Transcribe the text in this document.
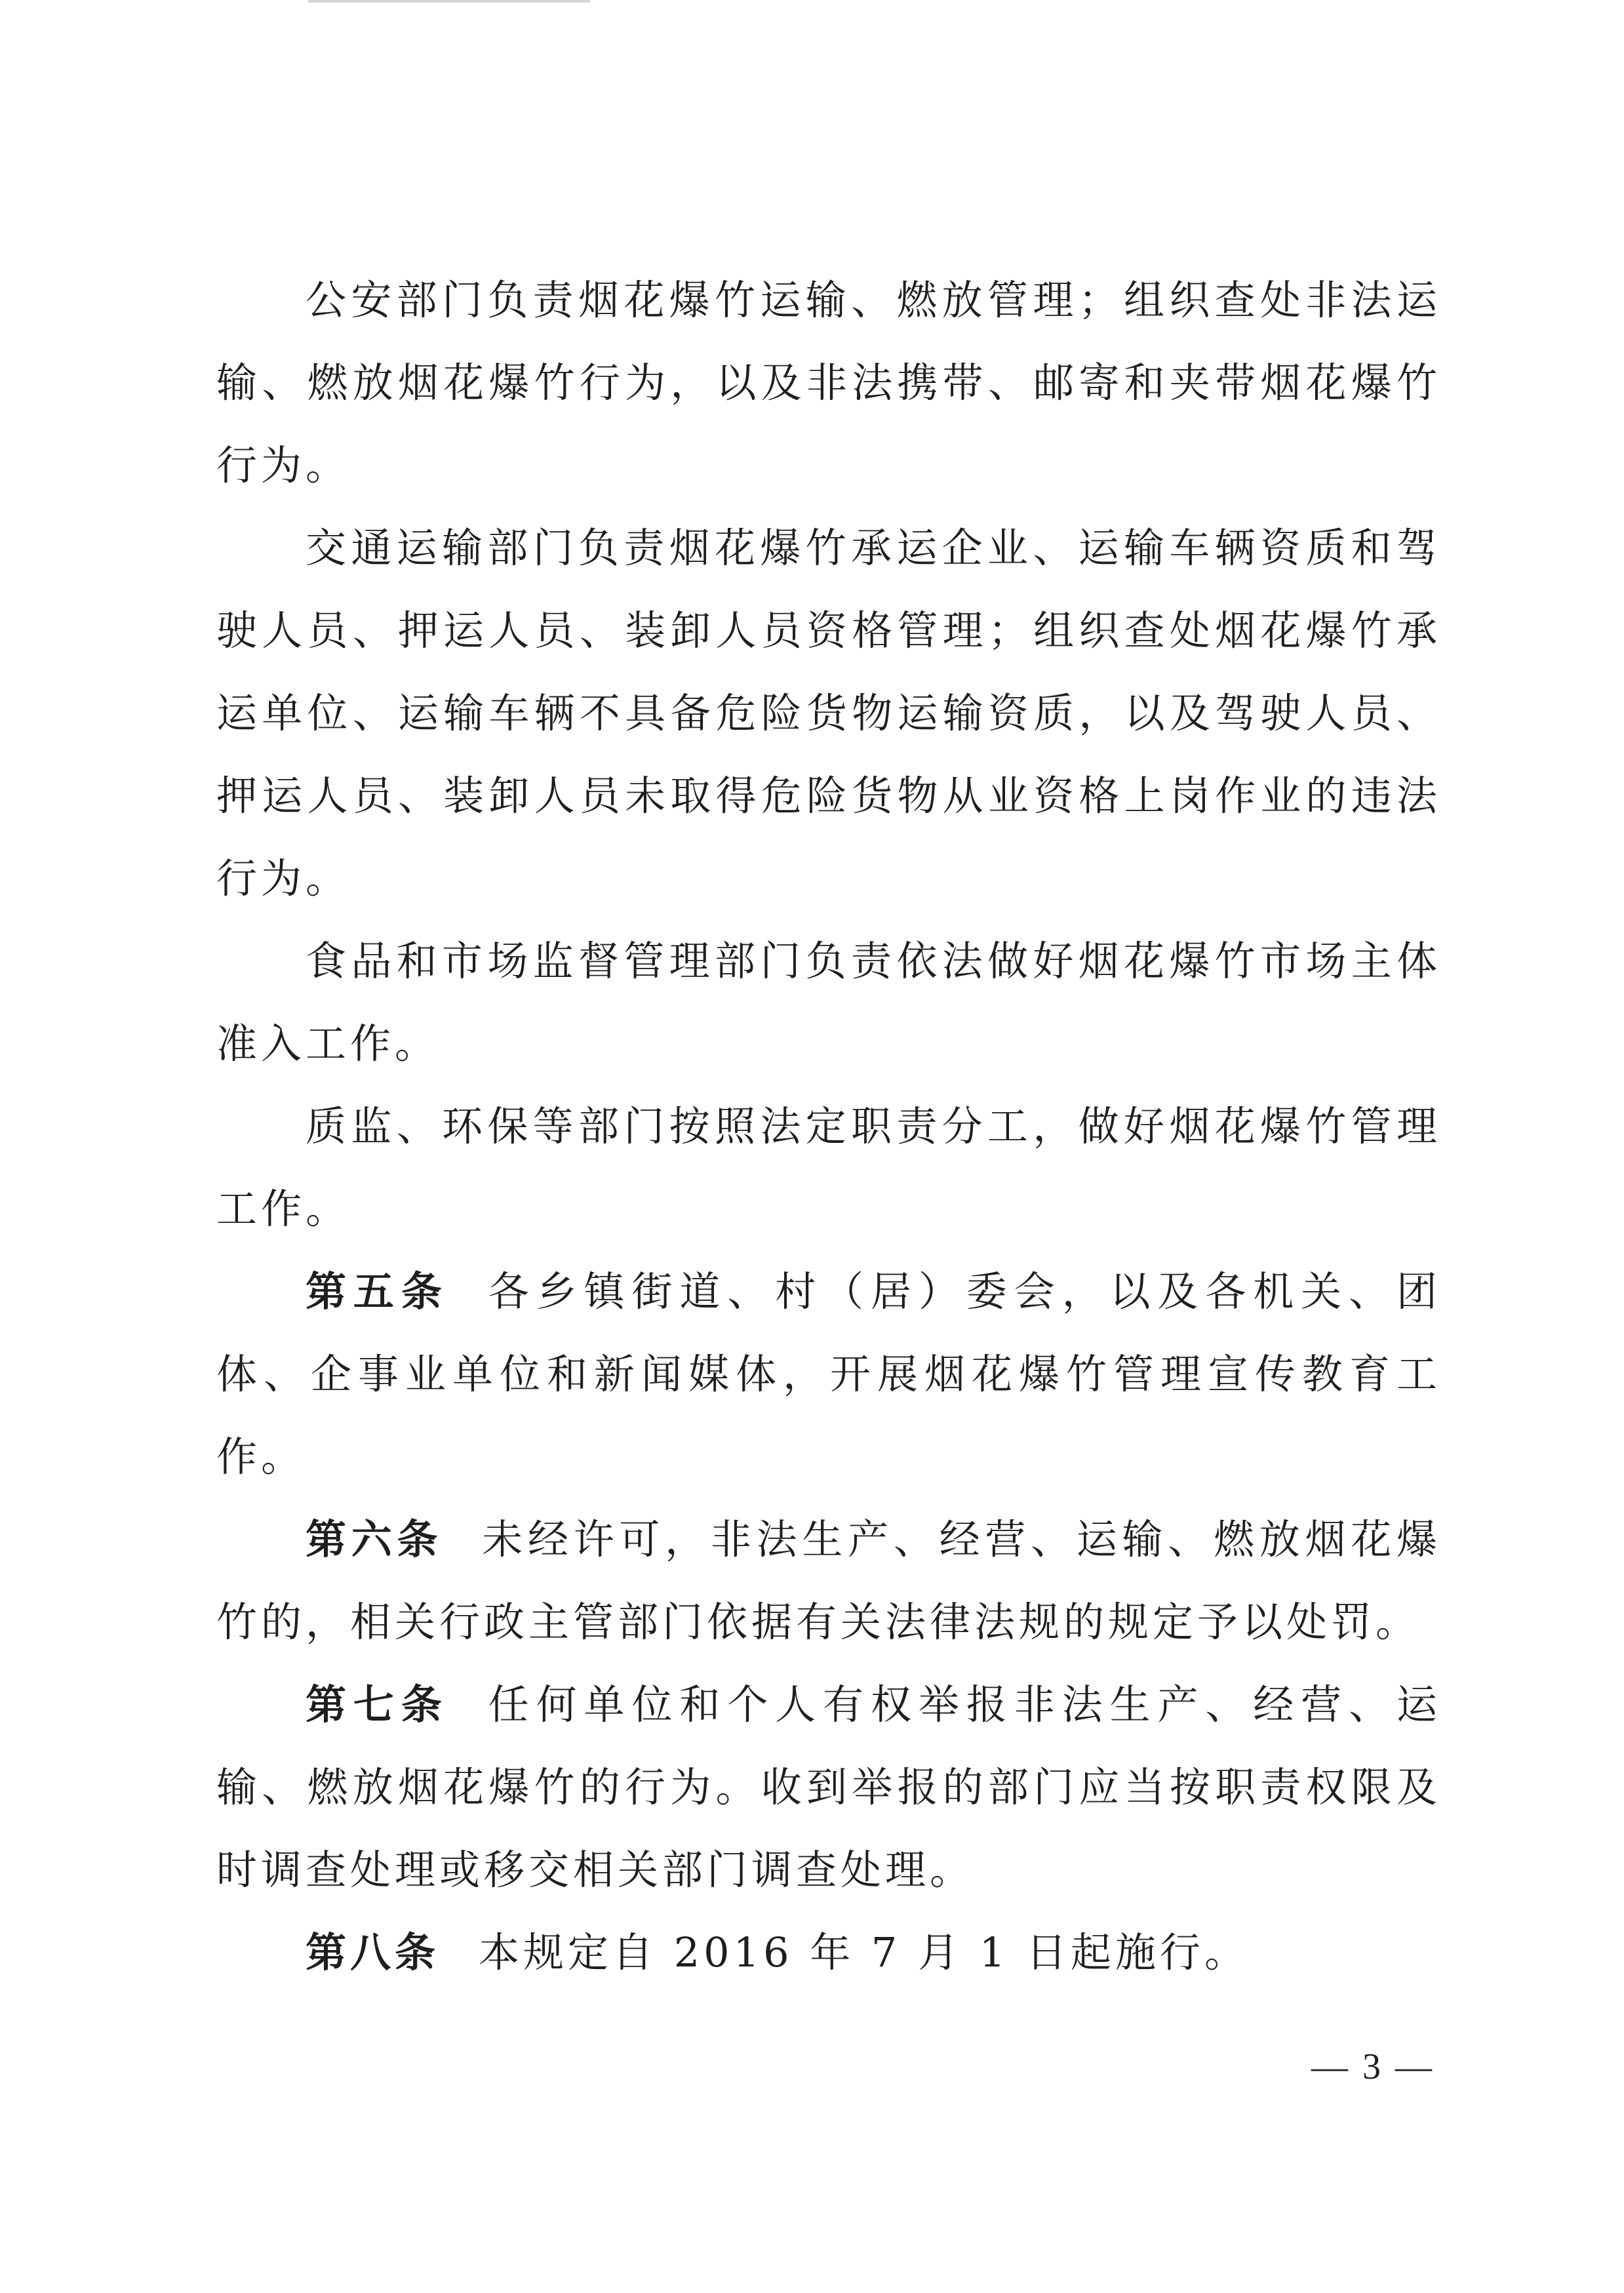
公安部门负责烟花爆竹运输、燃放管理；组织查处非法运输、燃放烟花爆竹行为，以及非法携带、邮寄和夹带烟花爆竹行为。

交通运输部门负责烟花爆竹承运企业、运输车辆资质和驾驶人员、押运人员、装卸人员资格管理；组织查处烟花爆竹承运单位、运输车辆不具备危险货物运输资质，以及驾驶人员、押运人员、装卸人员未取得危险货物从业资格上岗作业的违法行为。

食品和市场监督管理部门负责依法做好烟花爆竹市场主体准入工作。

质监、环保等部门按照法定职责分工，做好烟花爆竹管理工作。

第五条 各乡镇街道、村（居）委会，以及各机关、团体、企事业单位和新闻媒体，开展烟花爆竹管理宣传教育工作。

第六条 未经许可，非法生产、经营、运输、燃放烟花爆竹的，相关行政主管部门依据有关法律法规的规定予以处罚。

第七条 任何单位和个人有权举报非法生产、经营、运输、燃放烟花爆竹的行为。收到举报的部门应当按职责权限及时调查处理或移交相关部门调查处理。

第八条 本规定自 2016 年 7 月 1 日起施行。

— 3 —
